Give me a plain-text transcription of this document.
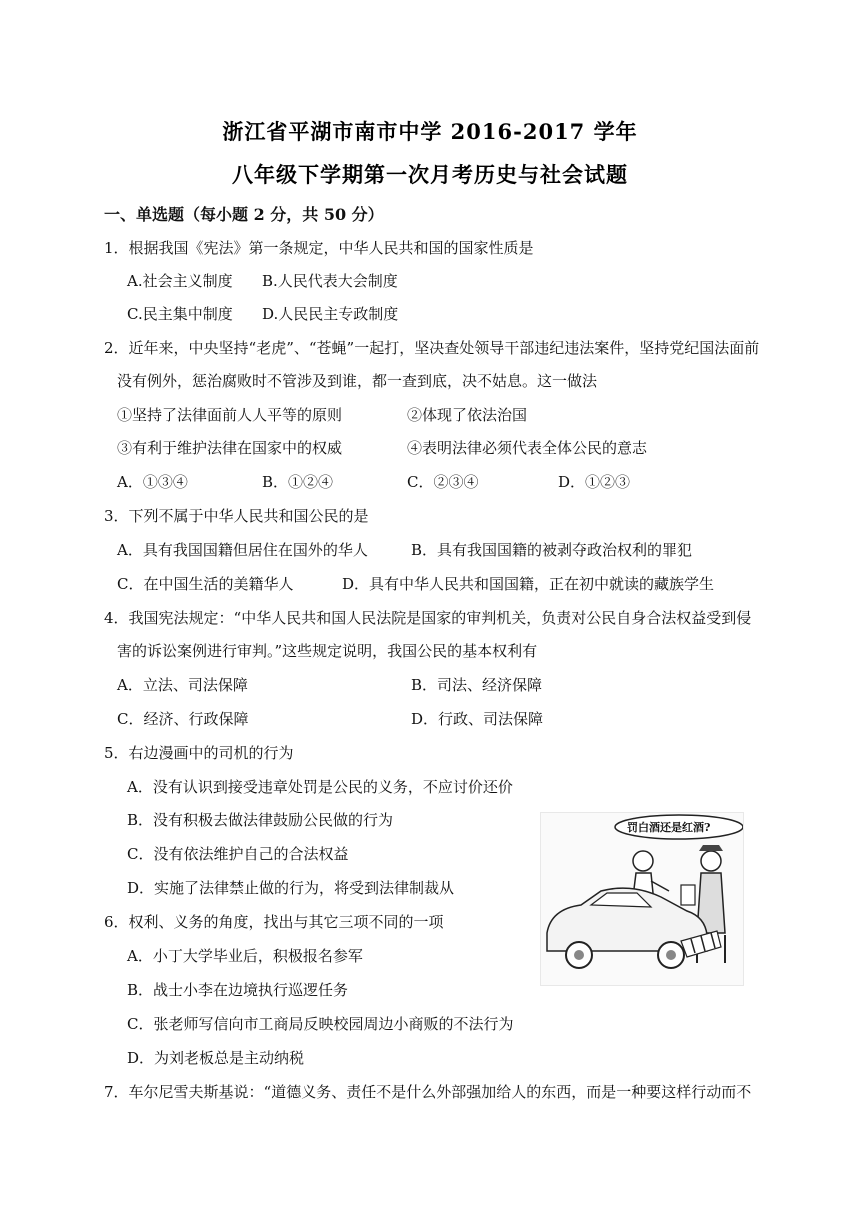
浙江省平湖市南市中学 2016-2017 学年
八年级下学期第一次月考历史与社会试题
一、单选题（每小题 2 分，共 50 分）
1．根据我国《宪法》第一条规定，中华人民共和国的国家性质是
A.社会主义制度 B.人民代表大会制度
C.民主集中制度 D.人民民主专政制度
2．近年来，中央坚持“老虎”、“苍蝇”一起打，坚决查处领导干部违纪违法案件，坚持党纪国法面前
没有例外，惩治腐败时不管涉及到谁，都一查到底，决不姑息。这一做法
①坚持了法律面前人人平等的原则	②体现了依法治国
③有利于维护法律在国家中的权威	④表明法律必须代表全体公民的意志
A．①③④	B．①②④	C．②③④	D．①②③
3．下列不属于中华人民共和国公民的是
A．具有我国国籍但居住在国外的华人	B．具有我国国籍的被剥夺政治权利的罪犯
C．在中国生活的美籍华人	D．具有中华人民共和国国籍，正在初中就读的藏族学生
4．我国宪法规定：“中华人民共和国人民法院是国家的审判机关，负责对公民自身合法权益受到侵
害的诉讼案例进行审判。”这些规定说明，我国公民的基本权利有
A．立法、司法保障	B．司法、经济保障
C．经济、行政保障	D．行政、司法保障
5．右边漫画中的司机的行为
A．没有认识到接受违章处罚是公民的义务，不应讨价还价
B．没有积极去做法律鼓励公民做的行为
C．没有依法维护自己的合法权益
D．实施了法律禁止做的行为，将受到法律制裁从
罚白酒还是红酒?
6．权利、义务的角度，找出与其它三项不同的一项
A．小丁大学毕业后，积极报名参军
B．战士小李在边境执行巡逻任务
C．张老师写信向市工商局反映校园周边小商贩的不法行为
D．为刘老板总是主动纳税
7．车尔尼雪夫斯基说：“道德义务、责任不是什么外部强加给人的东西，而是一种要这样行动而不
